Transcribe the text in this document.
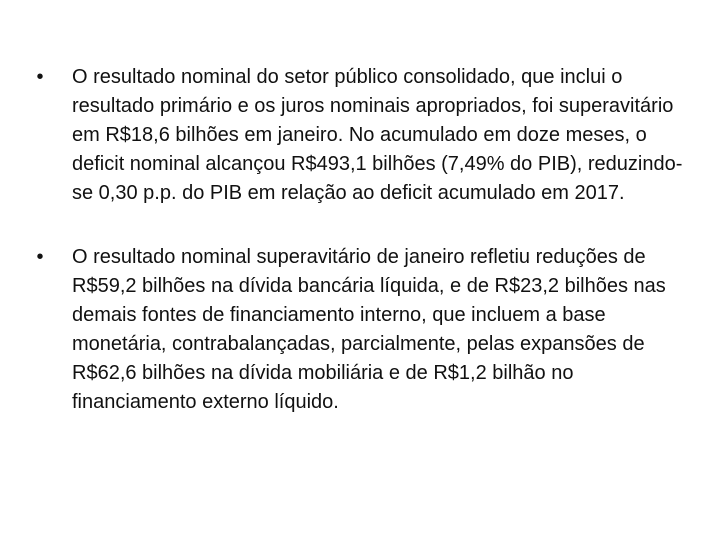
•	O resultado nominal do setor público consolidado, que inclui o resultado primário e os juros nominais apropriados, foi superavitário em R$18,6 bilhões em janeiro. No acumulado em doze meses, o deficit nominal alcançou R$493,1 bilhões (7,49% do PIB), reduzindo-se 0,30 p.p. do PIB em relação ao deficit acumulado em 2017.
•	O resultado nominal superavitário de janeiro refletiu reduções de R$59,2 bilhões na dívida bancária líquida, e de R$23,2 bilhões nas demais fontes de financiamento interno, que incluem a base monetária, contrabalançadas, parcialmente, pelas expansões de R$62,6 bilhões na dívida mobiliária e de R$1,2 bilhão no financiamento externo líquido.
